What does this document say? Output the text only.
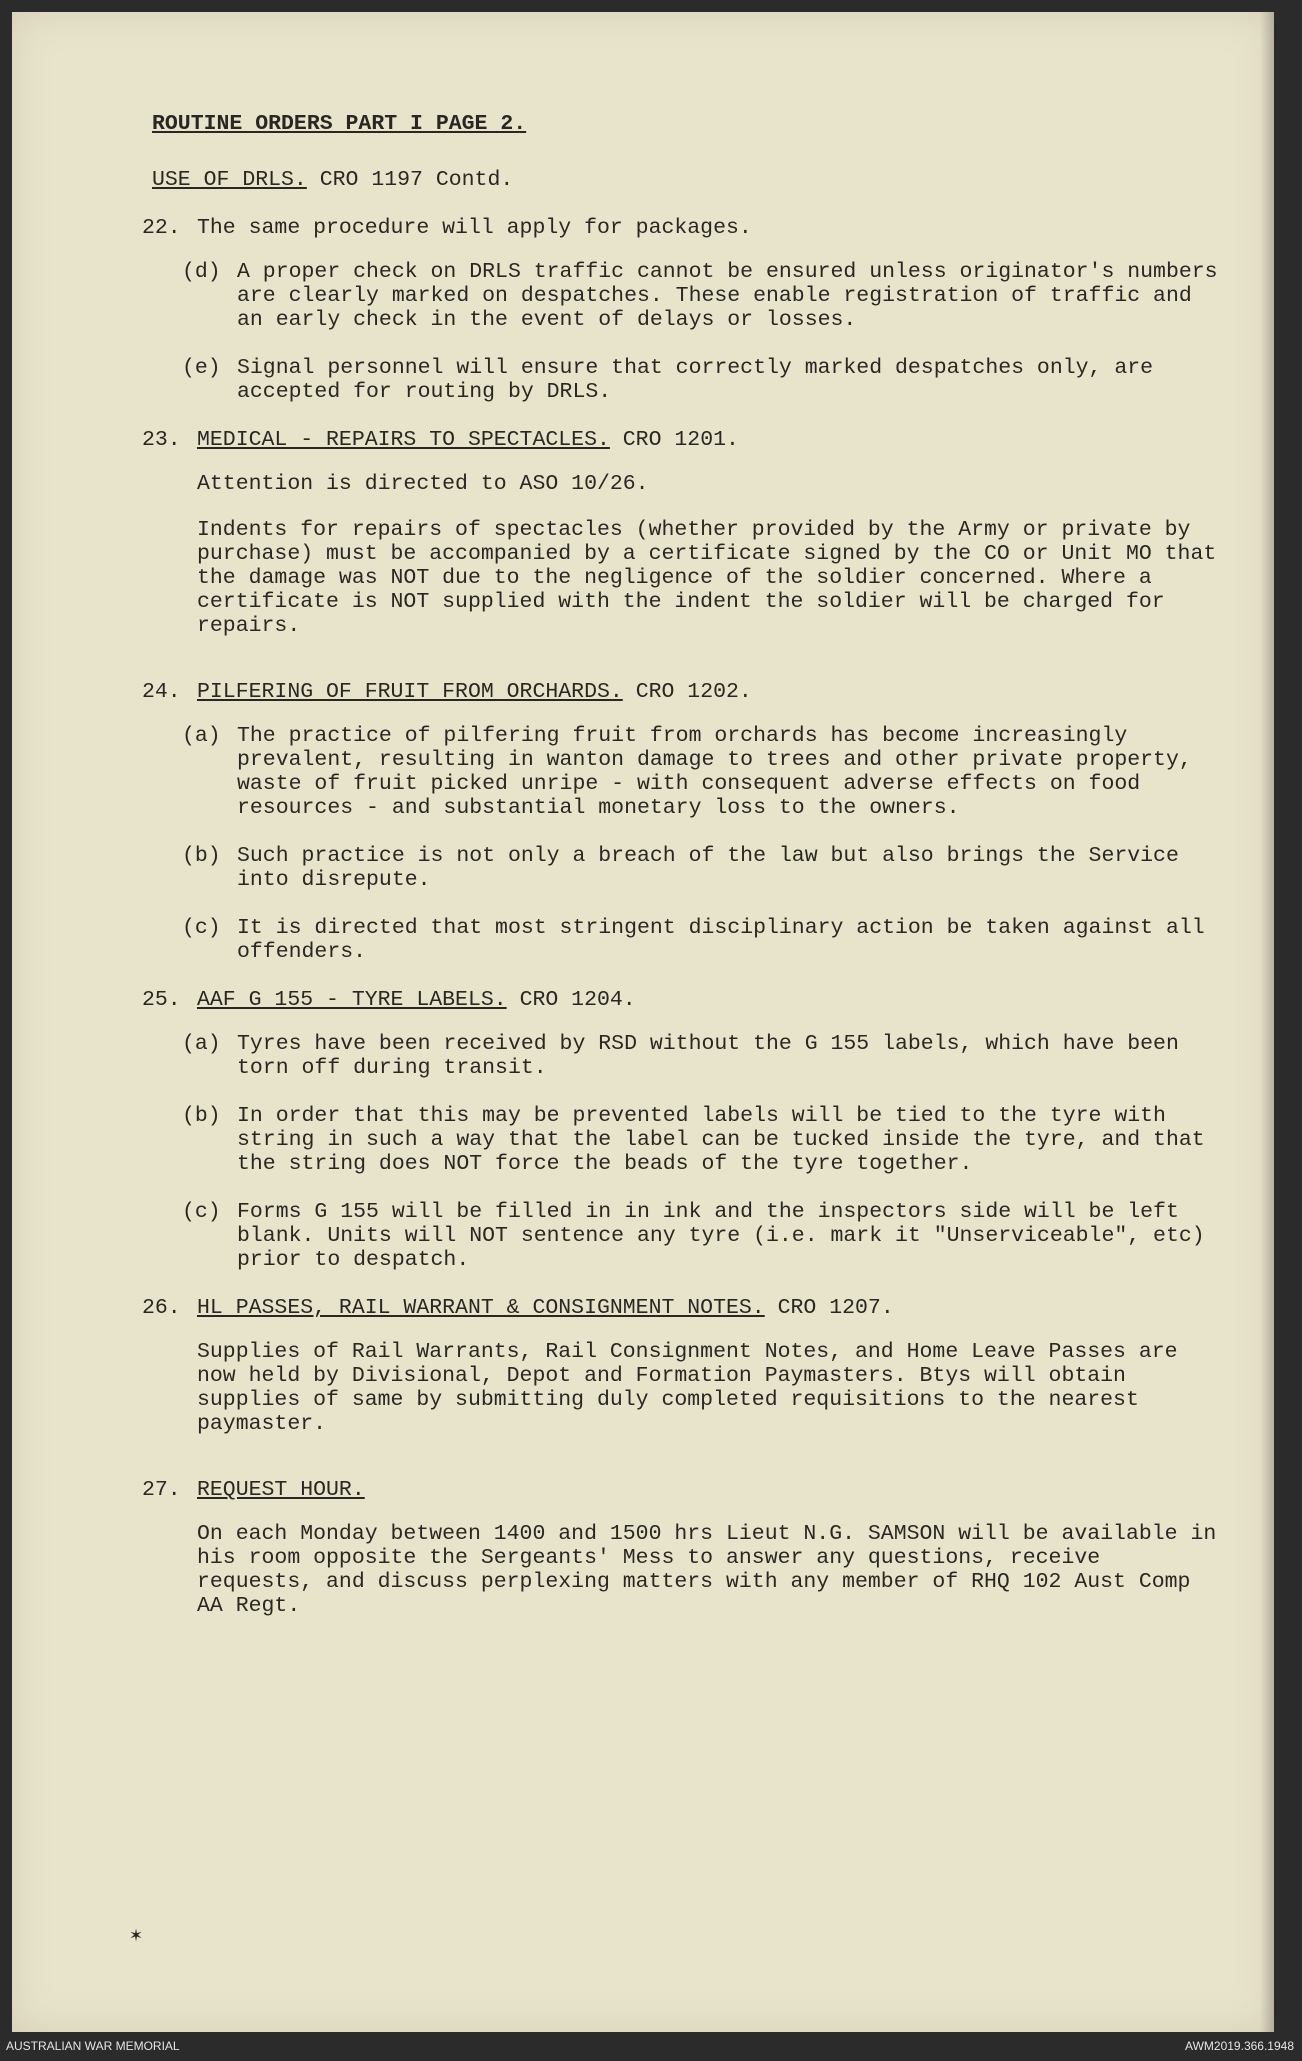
ROUTINE ORDERS PART I PAGE 2.
USE OF DRLS. CRO 1197 Contd.
22. The same procedure will apply for packages.
(d) A proper check on DRLS traffic cannot be ensured unless originator's numbers are clearly marked on despatches. These enable registration of traffic and an early check in the event of delays or losses.
(e) Signal personnel will ensure that correctly marked despatches only, are accepted for routing by DRLS.
23. MEDICAL - REPAIRS TO SPECTACLES. CRO 1201.
Attention is directed to ASO 10/26.
Indents for repairs of spectacles (whether provided by the Army or private by purchase) must be accompanied by a certificate signed by the CO or Unit MO that the damage was NOT due to the negligence of the soldier concerned. Where a certificate is NOT supplied with the indent the soldier will be charged for repairs.
24. PILFERING OF FRUIT FROM ORCHARDS. CRO 1202.
(a) The practice of pilfering fruit from orchards has become increasingly prevalent, resulting in wanton damage to trees and other private property, waste of fruit picked unripe - with consequent adverse effects on food resources - and substantial monetary loss to the owners.
(b) Such practice is not only a breach of the law but also brings the Service into disrepute.
(c) It is directed that most stringent disciplinary action be taken against all offenders.
25. AAF G 155 - TYRE LABELS. CRO 1204.
(a) Tyres have been received by RSD without the G 155 labels, which have been torn off during transit.
(b) In order that this may be prevented labels will be tied to the tyre with string in such a way that the label can be tucked inside the tyre, and that the string does NOT force the beads of the tyre together.
(c) Forms G 155 will be filled in in ink and the inspectors side will be left blank. Units will NOT sentence any tyre (i.e. mark it "Unserviceable", etc) prior to despatch.
26. HL PASSES, RAIL WARRANT & CONSIGNMENT NOTES. CRO 1207.
Supplies of Rail Warrants, Rail Consignment Notes, and Home Leave Passes are now held by Divisional, Depot and Formation Paymasters. Btys will obtain supplies of same by submitting duly completed requisitions to the nearest paymaster.
27. REQUEST HOUR.
On each Monday between 1400 and 1500 hrs Lieut N.G. SAMSON will be available in his room opposite the Sergeants' Mess to answer any questions, receive requests, and discuss perplexing matters with any member of RHQ 102 Aust Comp AA Regt.
✶
AUSTRALIAN WAR MEMORIAL	AWM2019.366.1948
